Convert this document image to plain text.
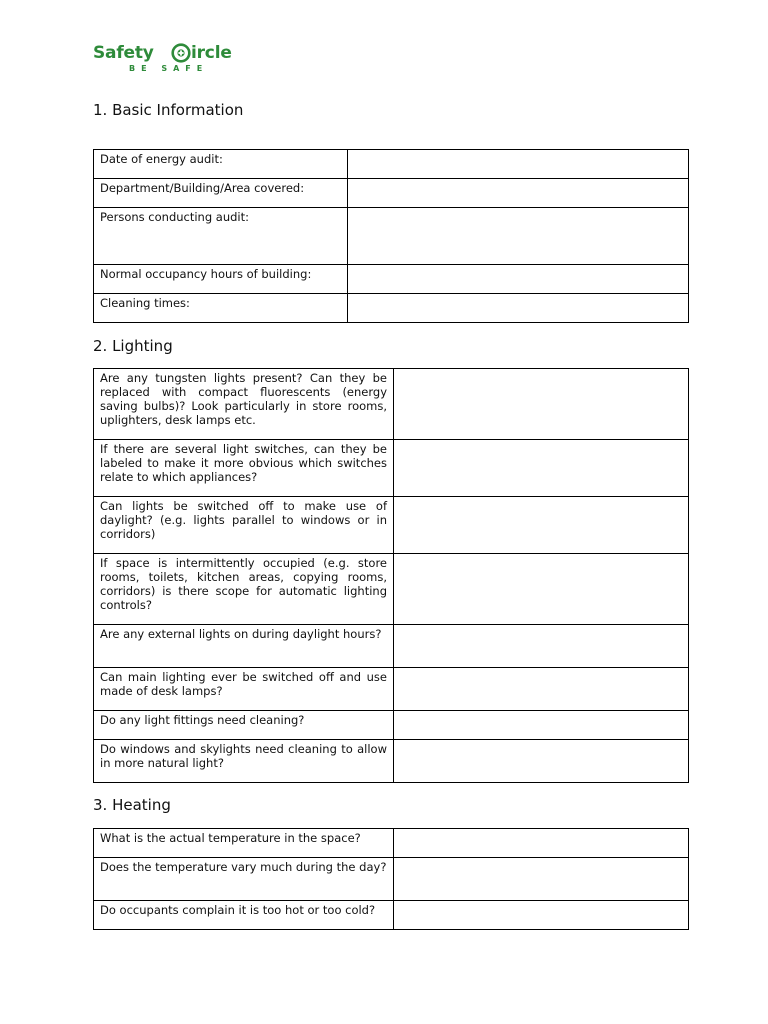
Safety ircle
BE SAFE
1. Basic Information
Date of energy audit:	
Department/Building/Area covered:	
Persons conducting audit:	
Normal occupancy hours of building:	
Cleaning times:	
2. Lighting
Are any tungsten lights present? Can they be replaced with compact fluorescents (energy saving bulbs)? Look particularly in store rooms, uplighters, desk lamps etc.	
If there are several light switches, can they be labeled to make it more obvious which switches relate to which appliances?	
Can lights be switched off to make use of daylight? (e.g. lights parallel to windows or in corridors)	
If space is intermittently occupied (e.g. store rooms, toilets, kitchen areas, copying rooms, corridors) is there scope for automatic lighting controls?	
Are any external lights on during daylight hours?	
Can main lighting ever be switched off and use made of desk lamps?	
Do any light fittings need cleaning?	
Do windows and skylights need cleaning to allow in more natural light?	
3. Heating
What is the actual temperature in the space?	
Does the temperature vary much during the day?	
Do occupants complain it is too hot or too cold?	
